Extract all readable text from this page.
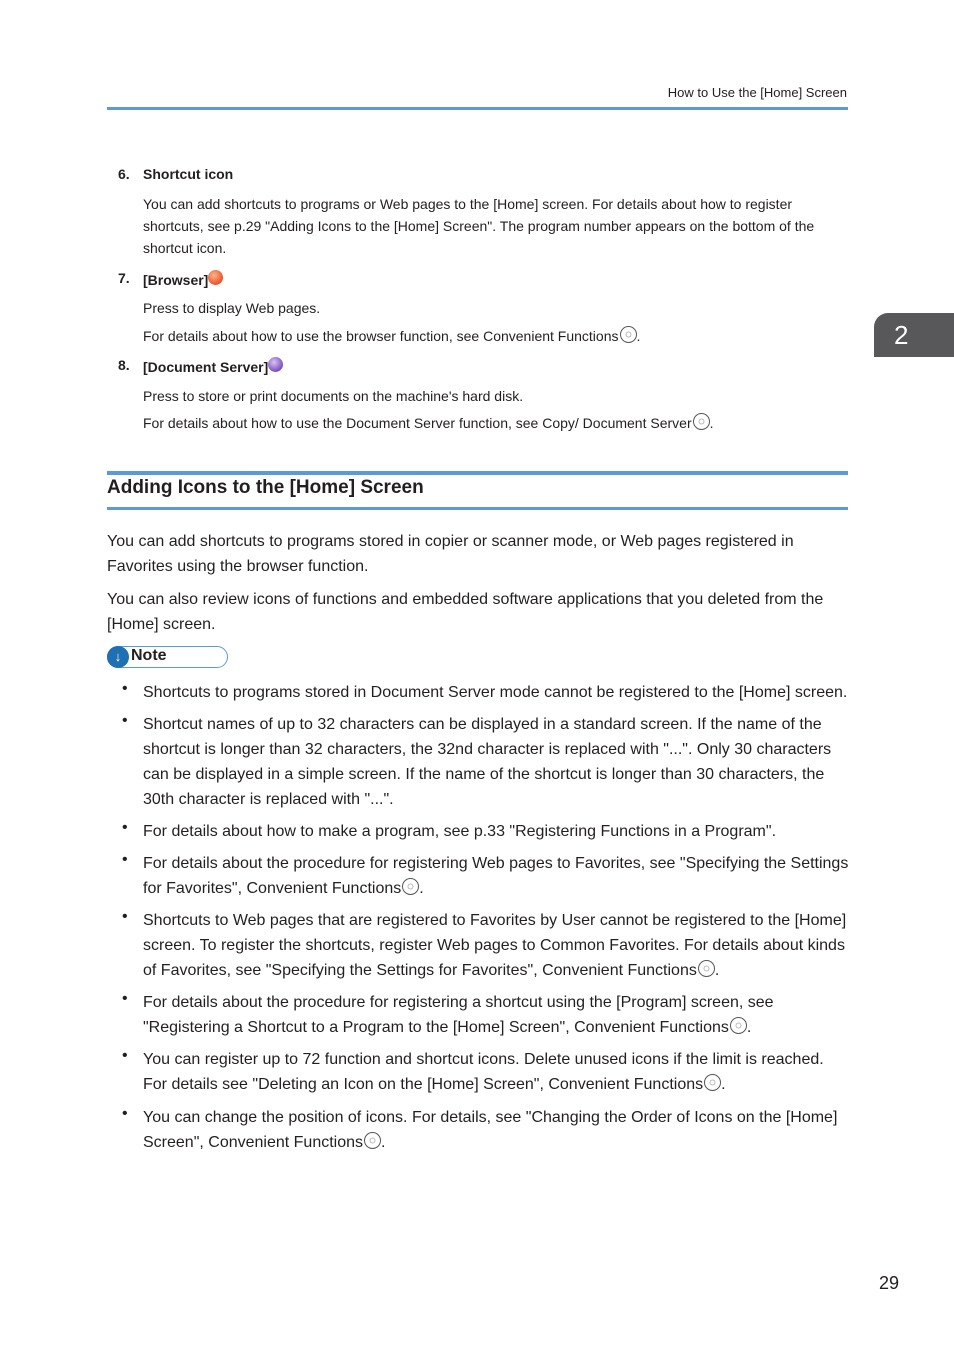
How to Use the [Home] Screen
2
6. Shortcut icon
You can add shortcuts to programs or Web pages to the [Home] screen. For details about how to register shortcuts, see p.29 "Adding Icons to the [Home] Screen". The program number appears on the bottom of the shortcut icon.
7. [Browser]
Press to display Web pages.
For details about how to use the browser function, see Convenient Functions .
8. [Document Server]
Press to store or print documents on the machine's hard disk.
For details about how to use the Document Server function, see Copy/ Document Server .
Adding Icons to the [Home] Screen
You can add shortcuts to programs stored in copier or scanner mode, or Web pages registered in Favorites using the browser function.
You can also review icons of functions and embedded software applications that you deleted from the [Home] screen.
↓ Note
• Shortcuts to programs stored in Document Server mode cannot be registered to the [Home] screen.
• Shortcut names of up to 32 characters can be displayed in a standard screen. If the name of the shortcut is longer than 32 characters, the 32nd character is replaced with "...". Only 30 characters can be displayed in a simple screen. If the name of the shortcut is longer than 30 characters, the 30th character is replaced with "...".
• For details about how to make a program, see p.33 "Registering Functions in a Program".
• For details about the procedure for registering Web pages to Favorites, see "Specifying the Settings for Favorites", Convenient Functions .
• Shortcuts to Web pages that are registered to Favorites by User cannot be registered to the [Home] screen. To register the shortcuts, register Web pages to Common Favorites. For details about kinds of Favorites, see "Specifying the Settings for Favorites", Convenient Functions .
• For details about the procedure for registering a shortcut using the [Program] screen, see "Registering a Shortcut to a Program to the [Home] Screen", Convenient Functions .
• You can register up to 72 function and shortcut icons. Delete unused icons if the limit is reached. For details see "Deleting an Icon on the [Home] Screen", Convenient Functions .
• You can change the position of icons. For details, see "Changing the Order of Icons on the [Home] Screen", Convenient Functions .
29
